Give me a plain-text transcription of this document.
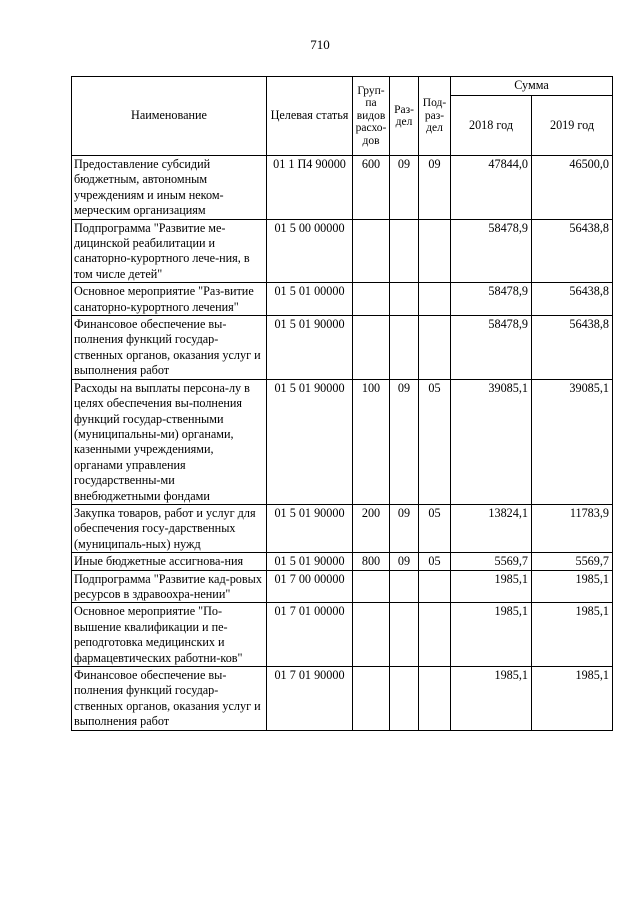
710
Наименование	Целевая статья	Груп-па видов расхо-дов	Раз-дел	Под-раз-дел	Сумма	
					2018 год	2019 год
Предоставление субсидий бюджетным, автономным учреждениям и иным неком-мерческим организациям	01 1 П4 90000	600	09	09	47844,0	46500,0
Подпрограмма "Развитие ме-дицинской реабилитации и санаторно-курортного лече-ния, в том числе детей"	01 5 00 00000				58478,9	56438,8
Основное мероприятие "Раз-витие санаторно-курортного лечения"	01 5 01 00000				58478,9	56438,8
Финансовое обеспечение вы-полнения функций государ-ственных органов, оказания услуг и выполнения работ	01 5 01 90000				58478,9	56438,8
Расходы на выплаты персона-лу в целях обеспечения вы-полнения функций государ-ственными (муниципальны-ми) органами, казенными учреждениями, органами управления государственны-ми внебюджетными фондами	01 5 01 90000	100	09	05	39085,1	39085,1
Закупка товаров, работ и услуг для обеспечения госу-дарственных (муниципаль-ных) нужд	01 5 01 90000	200	09	05	13824,1	11783,9
Иные бюджетные ассигнова-ния	01 5 01 90000	800	09	05	5569,7	5569,7
Подпрограмма "Развитие кад-ровых ресурсов в здравоохра-нении"	01 7 00 00000				1985,1	1985,1
Основное мероприятие "По-вышение квалификации и пе-реподготовка медицинских и фармацевтических работни-ков"	01 7 01 00000				1985,1	1985,1
Финансовое обеспечение вы-полнения функций государ-ственных органов, оказания услуг и выполнения работ	01 7 01 90000				1985,1	1985,1
